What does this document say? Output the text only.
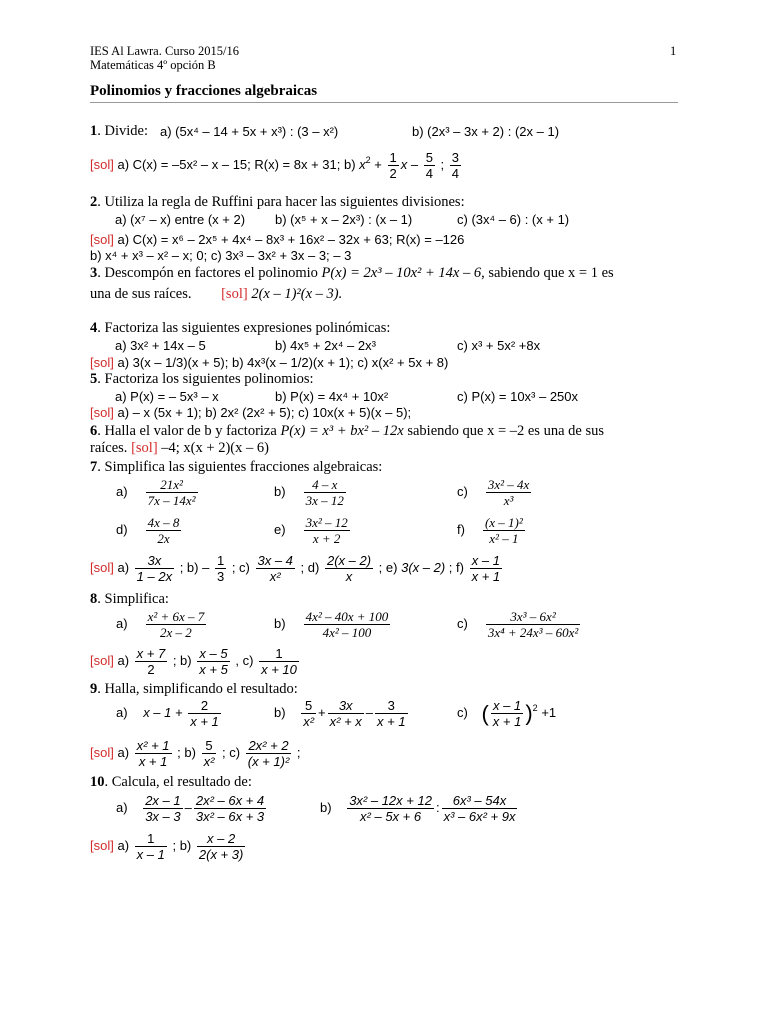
IES Al Lawra. Curso 2015/16
Matemáticas 4º opción B
1
Polinomios y fracciones algebraicas
1. Divide: a) (5x⁴ – 14 + 5x + x³) : (3 – x²)	b) (2x³ – 3x + 2) : (2x – 1)
[sol] a) C(x) = –5x² – x – 15; R(x) = 8x + 31; b) $x^2 + \frac{1}{2}$ x – $\frac{5}{4}$ ; $\frac{3}{4}$
2. Utiliza la regla de Ruffini para hacer las siguientes divisiones:
a) (x⁷ – x) entre (x + 2) b) (x⁵ + x – 2x³) : (x – 1)	c) (3x⁴ – 6) : (x + 1)
[sol] a) C(x) = x⁶ – 2x⁵ + 4x⁴ – 8x³ + 16x² – 32x + 63; R(x) = –126
b) x⁴ + x³ – x² – x; 0; c) 3x³ – 3x² + 3x – 3; – 3
3. Descompón en factores el polinomio P(x) = 2x³ – 10x² + 14x – 6, sabiendo que x = 1 es
una de sus raíces. [sol] 2(x – 1)²(x – 3).
4. Factoriza las siguientes expresiones polinómicas:
a) 3x² + 14x – 5	b) 4x⁵ + 2x⁴ – 2x³	c) x³ + 5x² +8x
[sol] a) 3(x – 1/3)(x + 5); b) 4x³(x – 1/2)(x + 1); c) x(x² + 5x + 8)
5. Factoriza los siguientes polinomios:
a) P(x) = – 5x³ – x	b) P(x) = 4x⁴ + 10x²	c) P(x) = 10x³ – 250x
[sol] a) – x (5x + 1); b) 2x² (2x² + 5); c) 10x(x + 5)(x – 5);
6. Halla el valor de b y factoriza P(x) = x³ + bx² – 12x sabiendo que x = –2 es una de sus
raíces. [sol] –4; x(x + 2)(x – 6)
7. Simplifica las siguientes fracciones algebraicas:
$a) \frac{\text{21x²}}{\text{7x – 14x²}}$	$b) \frac{4 - x}{3x - 12}$	$c) \frac{\text{3x² – 4x}}{\text{x³}}$
$d) \frac{4x - 8}{2x}$	$e) \frac{\text{3x² – 12}}{x + 2}$	$f) \frac{\text{(x – 1)²}}{\text{x² – 1}}$
[sol] $a) \frac{3x}{1 - 2x}$ ; $b) - \frac{1}{3}$ ; $c) \frac{3x - 4}{\text{x²}}$ ; $d) \frac{2(x - 2)}{x}$ ; e) 3(x – 2) ; $f) \frac{x - 1}{x + 1}$
8. Simplifica:
$a) \frac{\text{x² + 6x – 7}}{2x - 2}$	$b) \frac{\text{4x² – 40x + 100}}{\text{4x² – 100}}$	$c) \frac{\text{3x³ – 6x²}}{\text{3x⁴ + 24x³ – 60x²}}$
[sol] $a) \frac{x + 7}{2}$ ; $b) \frac{x - 5}{x + 5}$ , $c) \frac{1}{x + 10}$
9. Halla, simplificando el resultado:
a) $x - 1 + \frac{2}{x + 1}$	$b) \frac{5}{\text{x²}} + \frac{3x}{\text{x² + x}} - \frac{3}{x + 1}$	c) ( $\frac{x - 1}{x + 1} )^2 +1$
[sol] $a) \frac{\text{x² + 1}}{x + 1}$ ; $b) \frac{5}{\text{x²}}$ ; $c) \frac{\text{2x² + 2}}{\text{(x + 1)²}}$ ;
10. Calcula, el resultado de:
$a) \frac{2x - 1}{3x - 3} - \frac{\text{2x² – 6x + 4}}{\text{3x² – 6x + 3}}$	$b) \frac{\text{3x² – 12x + 12}}{\text{x² – 5x + 6}}$ : $\frac{\text{6x³ – 54x}}{\text{x³ – 6x² + 9x}}$
[sol] $a) \frac{1}{x - 1}$ ; $b) \frac{x - 2}{2(x + 3)}$
